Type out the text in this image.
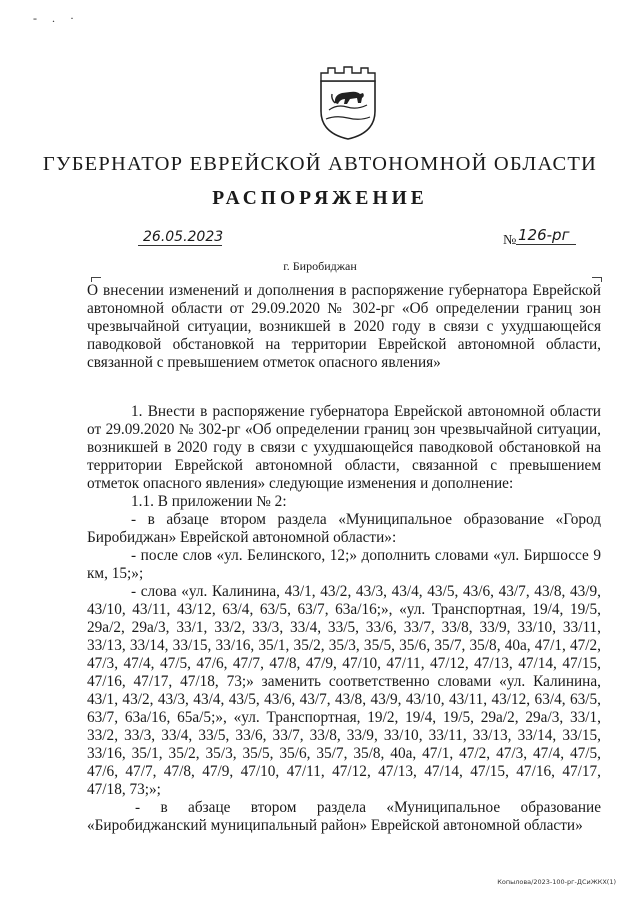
- . ·
ГУБЕРНАТОР ЕВРЕЙСКОЙ АВТОНОМНОЙ ОБЛАСТИ
РАСПОРЯЖЕНИЕ
26.05.2023	№ 126-рг
г. Биробиджан
О внесении изменений и дополнения в распоряжение губернатора Еврейской автономной области от 29.09.2020 № 302-рг «Об определении границ зон чрезвычайной ситуации, возникшей в 2020 году в связи с ухудшающейся паводковой обстановкой на территории Еврейской автономной области, связанной с превышением отметок опасного явления»

1. Внести в распоряжение губернатора Еврейской автономной области от 29.09.2020 № 302-рг «Об определении границ зон чрезвычайной ситуации, возникшей в 2020 году в связи с ухудшающейся паводковой обстановкой на территории Еврейской автономной области, связанной с превышением отметок опасного явления» следующие изменения и дополнение:

1.1. В приложении № 2:

- в абзаце втором раздела «Муниципальное образование «Город Биробиджан» Еврейской автономной области»:

- после слов «ул. Белинского, 12;» дополнить словами «ул. Биршоссе 9 км, 15;»;

- слова «ул. Калинина, 43/1, 43/2, 43/3, 43/4, 43/5, 43/6, 43/7, 43/8, 43/9, 43/10, 43/11, 43/12, 63/4, 63/5, 63/7, 63а/16;», «ул. Транспортная, 19/4, 19/5, 29а/2, 29а/3, 33/1, 33/2, 33/3, 33/4, 33/5, 33/6, 33/7, 33/8, 33/9, 33/10, 33/11, 33/13, 33/14, 33/15, 33/16, 35/1, 35/2, 35/3, 35/5, 35/6, 35/7, 35/8, 40а, 47/1, 47/2, 47/3, 47/4, 47/5, 47/6, 47/7, 47/8, 47/9, 47/10, 47/11, 47/12, 47/13, 47/14, 47/15, 47/16, 47/17, 47/18, 73;» заменить соответственно словами «ул. Калинина, 43/1, 43/2, 43/3, 43/4, 43/5, 43/6, 43/7, 43/8, 43/9, 43/10, 43/11, 43/12, 63/4, 63/5, 63/7, 63а/16, 65а/5;», «ул. Транспортная, 19/2, 19/4, 19/5, 29а/2, 29а/3, 33/1, 33/2, 33/3, 33/4, 33/5, 33/6, 33/7, 33/8, 33/9, 33/10, 33/11, 33/13, 33/14, 33/15, 33/16, 35/1, 35/2, 35/3, 35/5, 35/6, 35/7, 35/8, 40а, 47/1, 47/2, 47/3, 47/4, 47/5, 47/6, 47/7, 47/8, 47/9, 47/10, 47/11, 47/12, 47/13, 47/14, 47/15, 47/16, 47/17, 47/18, 73;»;

- в абзаце втором раздела «Муниципальное образование «Биробиджанский муниципальный район» Еврейской автономной области»

Копылова/2023-100-рг-ДСиЖКХ(1)
